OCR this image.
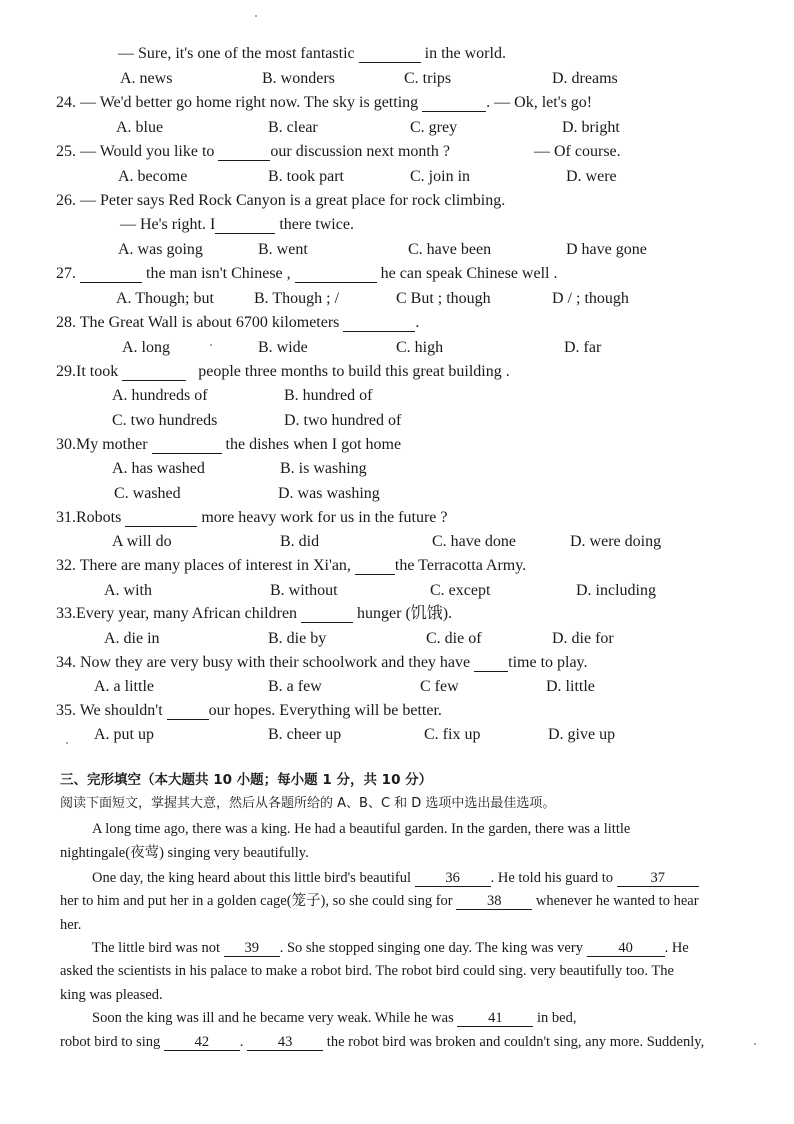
— Sure, it's one of the most fantastic	in the world.
A. news	B. wonders	C. trips	D. dreams
24. — We'd better go home right now. The sky is getting	. — Ok, let's go!
A. blue	B. clear	C. grey	D. bright
25. — Would you like to	our discussion next month ?	— Of course.
A. become	B. took part	C. join in	D. were
26. — Peter says Red Rock Canyon is a great place for rock climbing.
— He's right. I	there twice.
A. was going	B. went	C. have been	D have gone
27.	the man isn't Chinese ,	he can speak Chinese well .
A. Though; but	B. Though ; /	C But ; though	D / ; though
28. The Great Wall is about 6700 kilometers	.
A. long	B. wide	C. high	D. far
29.It took	people three months to build this great building .
A. hundreds of	B. hundred of
C. two hundreds	D. two hundred of
30.My mother	the dishes when I got home
A. has washed	B. is washing
C. washed	D. was washing
31.Robots	more heavy work for us in the future ?
A will do	B. did	C. have done	D. were doing
32. There are many places of interest in Xi'an,	the Terracotta Army.
A. with	B. without	C. except	D. including
33.Every year, many African children	hunger (饥饿).
A. die in	B. die by	C. die of	D. die for
34. Now they are very busy with their schoolwork and they have time to play.
A. a little	B. a few	C few	D. little
35. We shouldn't	our hopes. Everything will be better.
A. put up	B. cheer up	C. fix up	D. give up
三、完形填空（本大题共 10 小题；每小题 1 分，共 10 分）
阅读下面短文，掌握其大意，然后从各题所给的 A、B、C 和 D 选项中选出最佳选项。
A long time ago, there was a king. He had a beautiful garden. In the garden, there was a little
nightingale(夜莺) singing very beautifully.
One day, the king heard about this little bird's beautiful 36 . He told his guard to	37
her to him and put her in a golden cage(笼子), so she could sing for 38 whenever he wanted to hear
her.
The little bird was not 39 . So she stopped singing one day. The king was very 40 . He
asked the scientists in his palace to make a robot bird. The robot bird could sing. very beautifully too. The
king was pleased.
Soon the king was ill and he became very weak. While he was 41 in bed,
robot bird to sing 42 . 43 the robot bird was broken and couldn't sing, any more. Suddenly,
